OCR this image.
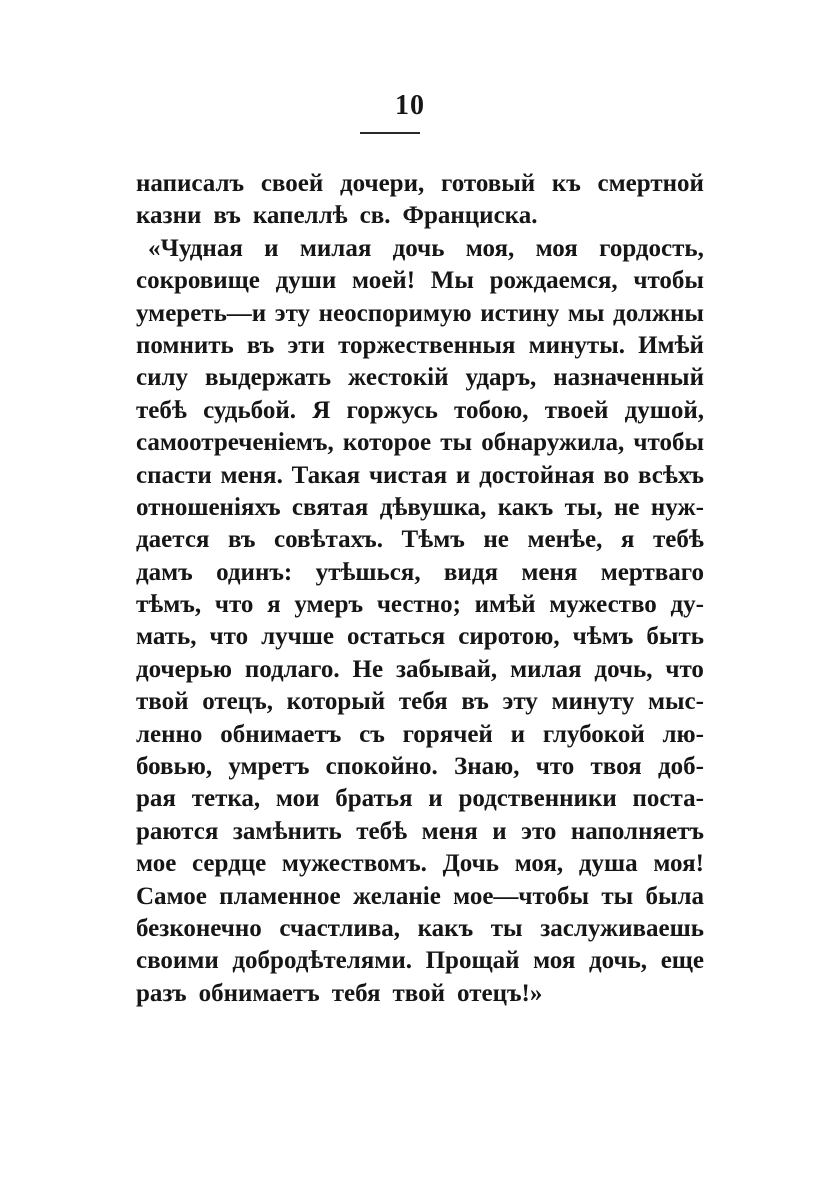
10
написалъ своей дочери, готовый къ смертной
казни въ капеллѣ св. Франциска.
«Чудная и милая дочь моя, моя гордость,
сокровище души моей! Мы рождаемся, чтобы
умереть—и эту неоспоримую истину мы должны
помнить въ эти торжественныя минуты. Имѣй
силу выдержать жестокій ударъ, назначенный
тебѣ судьбой. Я горжусь тобою, твоей душой,
самоотреченіемъ, которое ты обнаружила, чтобы
спасти меня. Такая чистая и достойная во всѣхъ
отношеніяхъ святая дѣвушка, какъ ты, не нуж-
дается въ совѣтахъ. Тѣмъ не менѣе, я тебѣ
дамъ одинъ: утѣшься, видя меня мертваго
тѣмъ, что я умеръ честно; имѣй мужество ду-
мать, что лучше остаться сиротою, чѣмъ быть
дочерью подлаго. Не забывай, милая дочь, что
твой отецъ, который тебя въ эту минуту мыс-
ленно обнимаетъ съ горячей и глубокой лю-
бовью, умретъ спокойно. Знаю, что твоя доб-
рая тетка, мои братья и родственники поста-
раются замѣнить тебѣ меня и это наполняетъ
мое сердце мужествомъ. Дочь моя, душа моя!
Самое пламенное желаніе мое—чтобы ты была
безконечно счастлива, какъ ты заслуживаешь
своими добродѣтелями. Прощай моя дочь, еще
разъ обнимаетъ тебя твой отецъ!»
